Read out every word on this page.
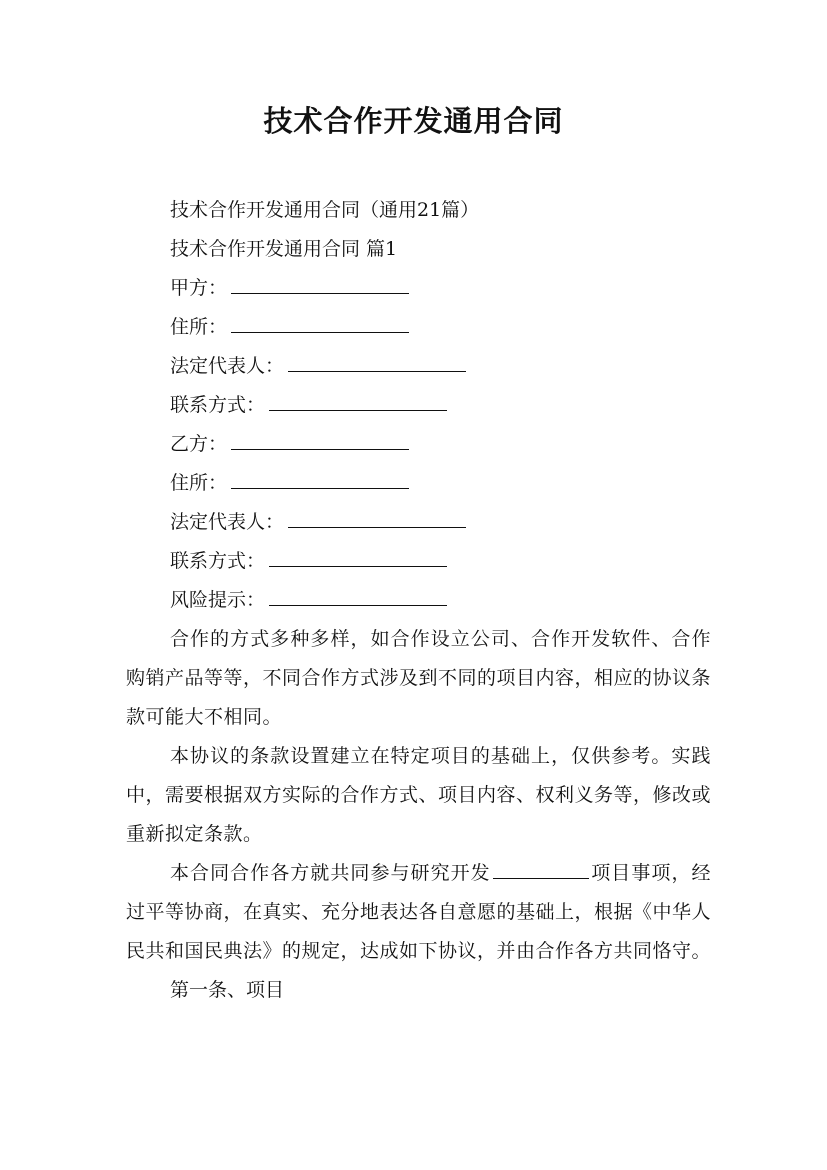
技术合作开发通用合同

技术合作开发通用合同（通用21篇）

技术合作开发通用合同 篇1

甲方：

住所：

法定代表人：

联系方式：

乙方：

住所：

法定代表人：

联系方式：

风险提示：

合作的方式多种多样，如合作设立公司、合作开发软件、合作购销产品等等，不同合作方式涉及到不同的项目内容，相应的协议条款可能大不相同。

本协议的条款设置建立在特定项目的基础上，仅供参考。实践中，需要根据双方实际的合作方式、项目内容、权利义务等，修改或重新拟定条款。

本合同合作各方就共同参与研究开发	项目事项，经过平等协商，在真实、充分地表达各自意愿的基础上，根据《中华人民共和国民典法》的规定，达成如下协议，并由合作各方共同恪守。

第一条、项目
